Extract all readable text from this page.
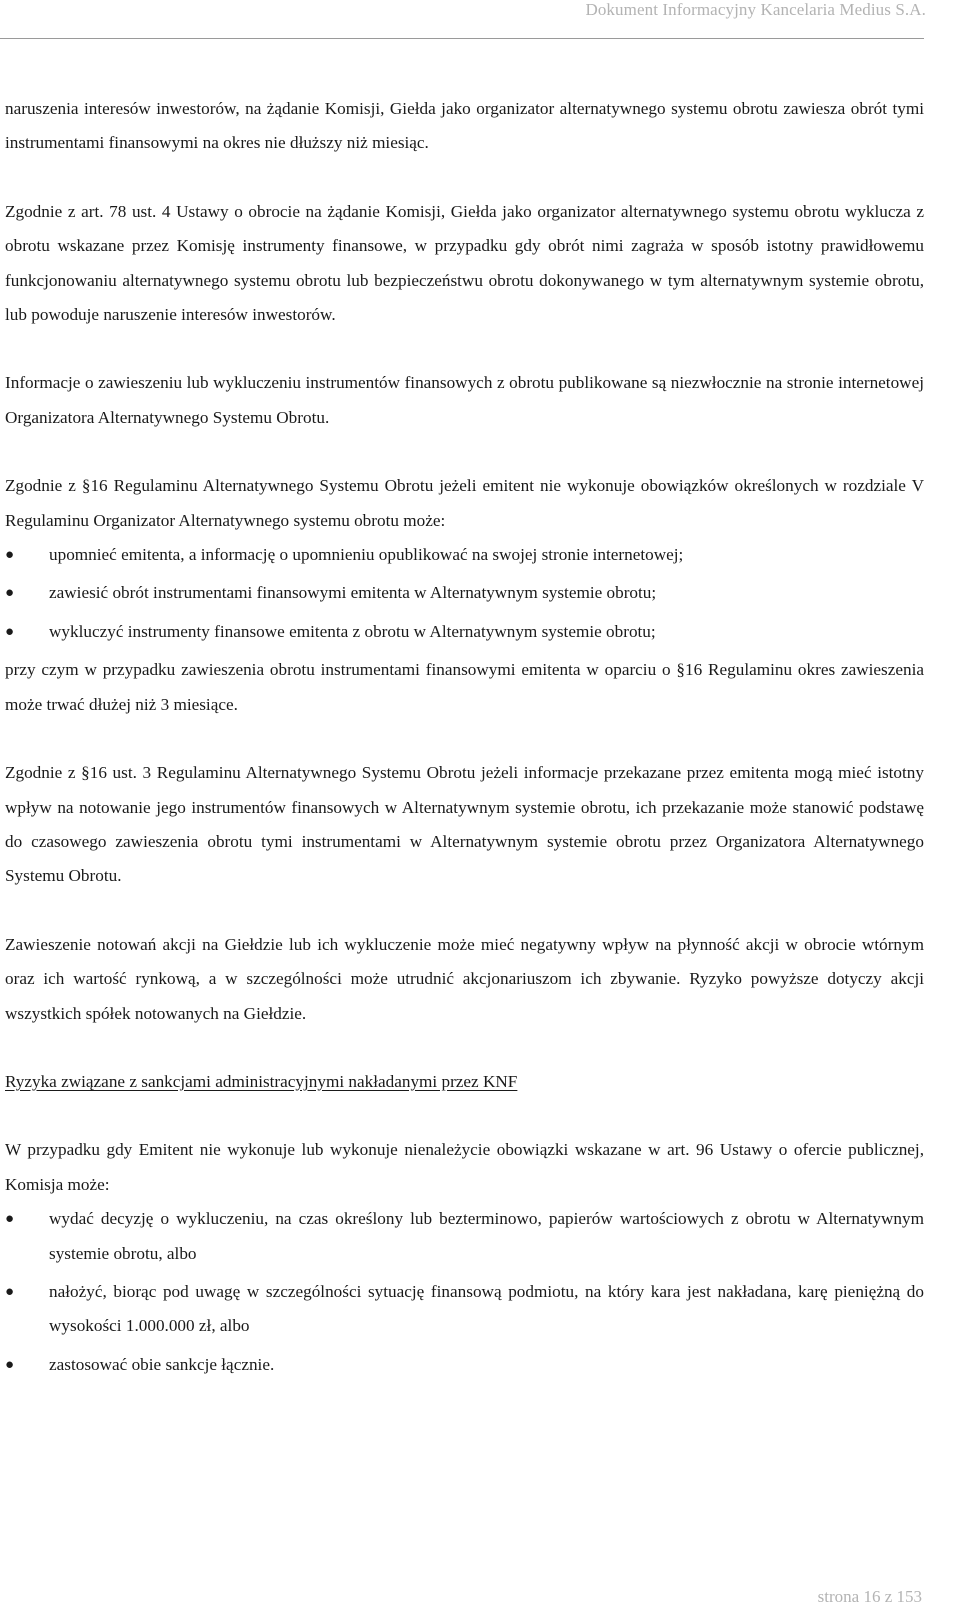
Dokument Informacyjny Kancelaria Medius S.A.

naruszenia interesów inwestorów, na żądanie Komisji, Giełda jako organizator alternatywnego systemu obrotu zawiesza obrót tymi instrumentami finansowymi na okres nie dłuższy niż miesiąc.

Zgodnie z art. 78 ust. 4 Ustawy o obrocie na żądanie Komisji, Giełda jako organizator alternatywnego systemu obrotu wyklucza z obrotu wskazane przez Komisję instrumenty finansowe, w przypadku gdy obrót nimi zagraża w sposób istotny prawidłowemu funkcjonowaniu alternatywnego systemu obrotu lub bezpieczeństwu obrotu dokonywanego w tym alternatywnym systemie obrotu, lub powoduje naruszenie interesów inwestorów.

Informacje o zawieszeniu lub wykluczeniu instrumentów finansowych z obrotu publikowane są niezwłocznie na stronie internetowej Organizatora Alternatywnego Systemu Obrotu.

Zgodnie z §16 Regulaminu Alternatywnego Systemu Obrotu jeżeli emitent nie wykonuje obowiązków określonych w rozdziale V Regulaminu Organizator Alternatywnego systemu obrotu może:

● upomnieć emitenta, a informację o upomnieniu opublikować na swojej stronie internetowej;
● zawiesić obrót instrumentami finansowymi emitenta w Alternatywnym systemie obrotu;
● wykluczyć instrumenty finansowe emitenta z obrotu w Alternatywnym systemie obrotu;

przy czym w przypadku zawieszenia obrotu instrumentami finansowymi emitenta w oparciu o §16 Regulaminu okres zawieszenia może trwać dłużej niż 3 miesiące.

Zgodnie z §16 ust. 3 Regulaminu Alternatywnego Systemu Obrotu jeżeli informacje przekazane przez emitenta mogą mieć istotny wpływ na notowanie jego instrumentów finansowych w Alternatywnym systemie obrotu, ich przekazanie może stanowić podstawę do czasowego zawieszenia obrotu tymi instrumentami w Alternatywnym systemie obrotu przez Organizatora Alternatywnego Systemu Obrotu.

Zawieszenie notowań akcji na Giełdzie lub ich wykluczenie może mieć negatywny wpływ na płynność akcji w obrocie wtórnym oraz ich wartość rynkową, a w szczególności może utrudnić akcjonariuszom ich zbywanie. Ryzyko powyższe dotyczy akcji wszystkich spółek notowanych na Giełdzie.

Ryzyka związane z sankcjami administracyjnymi nakładanymi przez KNF

W przypadku gdy Emitent nie wykonuje lub wykonuje nienależycie obowiązki wskazane w art. 96 Ustawy o ofercie publicznej, Komisja może:

● wydać decyzję o wykluczeniu, na czas określony lub bezterminowo, papierów wartościowych z obrotu w Alternatywnym systemie obrotu, albo
● nałożyć, biorąc pod uwagę w szczególności sytuację finansową podmiotu, na który kara jest nakładana, karę pieniężną do wysokości 1.000.000 zł, albo
● zastosować obie sankcje łącznie.
strona 16 z 153
